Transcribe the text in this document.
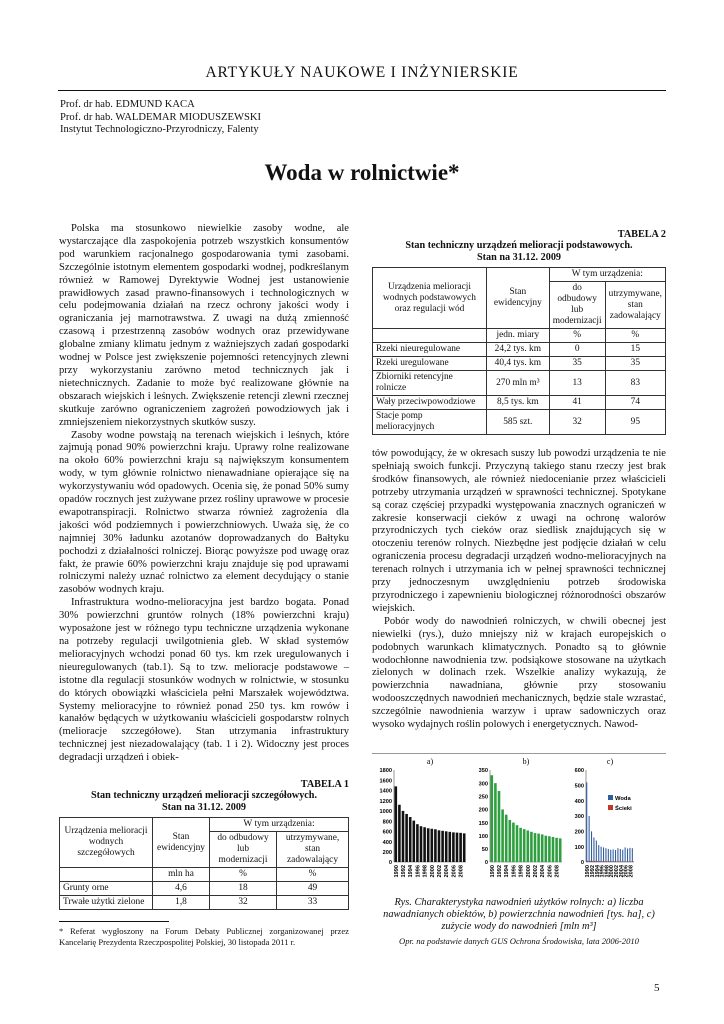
ARTYKUŁY NAUKOWE I INŻYNIERSKIE
Prof. dr hab. EDMUND KACA
Prof. dr hab. WALDEMAR MIODUSZEWSKI
Instytut Technologiczno-Przyrodniczy, Falenty
Woda w rolnictwie*

Polska ma stosunkowo niewielkie zasoby wodne, ale wystarczające dla zaspokojenia potrzeb wszystkich konsumentów pod warunkiem racjonalnego gospodarowania tymi zasobami. Szczególnie istotnym elementem gospodarki wodnej, podkreślanym również w Ramowej Dyrektywie Wodnej jest ustanowienie prawidłowych zasad prawno-finansowych i technologicznych w celu podejmowania działań na rzecz ochrony jakości wody i ograniczania jej marnotrawstwa. Z uwagi na dużą zmienność czasową i przestrzenną zasobów wodnych oraz przewidywane globalne zmiany klimatu jednym z ważniejszych zadań gospodarki wodnej w Polsce jest zwiększenie pojemności retencyjnych zlewni przy wykorzystaniu zarówno metod technicznych jak i nietechnicznych. Zadanie to może być realizowane głównie na obszarach wiejskich i leśnych. Zwiększenie retencji zlewni rzecznej skutkuje zarówno ograniczeniem zagrożeń powodziowych jak i zmniejszeniem niekorzystnych skutków suszy.

Zasoby wodne powstają na terenach wiejskich i leśnych, które zajmują ponad 90% powierzchni kraju. Uprawy rolne realizowane na około 60% powierzchni kraju są największym konsumentem wody, w tym głównie rolnictwo nienawadniane opierające się na wykorzystywaniu wód opadowych. Ocenia się, że ponad 50% sumy opadów rocznych jest zużywane przez rośliny uprawowe w procesie ewapotranspiracji. Rolnictwo stwarza również zagrożenia dla jakości wód podziemnych i powierzchniowych. Uważa się, że co najmniej 30% ładunku azotanów doprowadzanych do Bałtyku pochodzi z działalności rolniczej. Biorąc powyższe pod uwagę oraz fakt, że prawie 60% powierzchni kraju znajduje się pod uprawami rolniczymi należy uznać rolnictwo za element decydujący o stanie zasobów wodnych kraju.

Infrastruktura wodno-melioracyjna jest bardzo bogata. Ponad 30% powierzchni gruntów rolnych (18% powierzchni kraju) wyposażone jest w różnego typu techniczne urządzenia wykonane na potrzeby regulacji uwilgotnienia gleb. W skład systemów melioracyjnych wchodzi ponad 60 tys. km rzek uregulowanych i nieuregulowanych (tab.1). Są to tzw. melioracje podstawowe – istotne dla regulacji stosunków wodnych w rolnictwie, w stosunku do których obowiązki właściciela pełni Marszałek województwa. Systemy melioracyjne to również ponad 250 tys. km rowów i kanałów będących w użytkowaniu właścicieli gospodarstw rolnych (melioracje szczegółowe). Stan utrzymania infrastruktury technicznej jest niezadowalający (tab. 1 i 2). Widoczny jest proces degradacji urządzeń i obiek-

TABELA 1
Stan techniczny urządzeń melioracji szczegółowych.
Stan na 31.12. 2009
Urządzenia melioracji wodnych szczegółowych	Stan ewidencyjny	W tym urządzenia:	
		do odbudowy lub modernizacji	utrzymywane, stan zadowalający
	mln ha	%	%
Grunty orne	4,6	18	49
Trwałe użytki zielone	1,8	32	33
* Referat wygłoszony na Forum Debaty Publicznej zorganizowanej przez Kancelarię Prezydenta Rzeczpospolitej Polskiej, 30 listopada 2011 r.
TABELA 2
Stan techniczny urządzeń melioracji podstawowych.
Stan na 31.12. 2009
Urządzenia melioracji wodnych podstawowych oraz regulacji wód	Stan ewidencyjny	W tym urządzenia:	
		do odbudowy lub modernizacji	utrzymywane, stan zadowalający
	jedn. miary	%	%
Rzeki nieuregulowane	24,2 tys. km	0	15
Rzeki uregulowane	40,4 tys. km	35	35
Zbiorniki retencyjne rolnicze	270 mln m³	13	83
Wały przeciwpowodziowe	8,5 tys. km	41	74
Stacje pomp melioracyjnych	585 szt.	32	95

tów powodujący, że w okresach suszy lub powodzi urządzenia te nie spełniają swoich funkcji. Przyczyną takiego stanu rzeczy jest brak środków finansowych, ale również niedocenianie przez właścicieli potrzeby utrzymania urządzeń w sprawności technicznej. Spotykane są coraz częściej przypadki występowania znacznych ograniczeń w zakresie konserwacji cieków z uwagi na ochronę walorów przyrodniczych tych cieków oraz siedlisk znajdujących się w otoczeniu terenów rolnych. Niezbędne jest podjęcie działań w celu ograniczenia procesu degradacji urządzeń wodno-melioracyjnych na terenach rolnych i utrzymania ich w pełnej sprawności technicznej przy jednoczesnym uwzględnieniu potrzeb środowiska przyrodniczego i zapewnieniu biologicznej różnorodności obszarów wiejskich.

Pobór wody do nawodnień rolniczych, w chwili obecnej jest niewielki (rys.), dużo mniejszy niż w krajach europejskich o podobnych warunkach klimatycznych. Ponadto są to głównie wodochłonne nawodnienia tzw. podsiąkowe stosowane na użytkach zielonych w dolinach rzek. Wszelkie analizy wykazują, że powierzchnia nawadniana, głównie przy stosowaniu wodooszczędnych nawodnień mechanicznych, będzie stale wzrastać, szczególnie nawodnienia warzyw i upraw sadowniczych oraz wysoko wydajnych roślin polowych i energetycznych. Nawod-

a)
0
200
400
600
800
1000
1200
1400
1600
1800
1990 1992 1994 1996 1998 2000 2002 2004 2006 2008
b)
0
50
100
150
200
250
300
350
1990 1992 1994 1996 1998 2000 2002 2004 2006 2008
c)
0
100
200
300
400
500
600
Woda
Ścieki
1990
1992
1994
1996
1998
2000
2002
2004
2006
2008
Rys. Charakterystyka nawodnień użytków rolnych: a) liczba nawadnianych obiektów, b) powierzchnia nawodnień [tys. ha], c) zużycie wody do nawodnień [mln m³]
Opr. na podstawie danych GUS Ochrona Środowiska, lata 2006-2010
5
